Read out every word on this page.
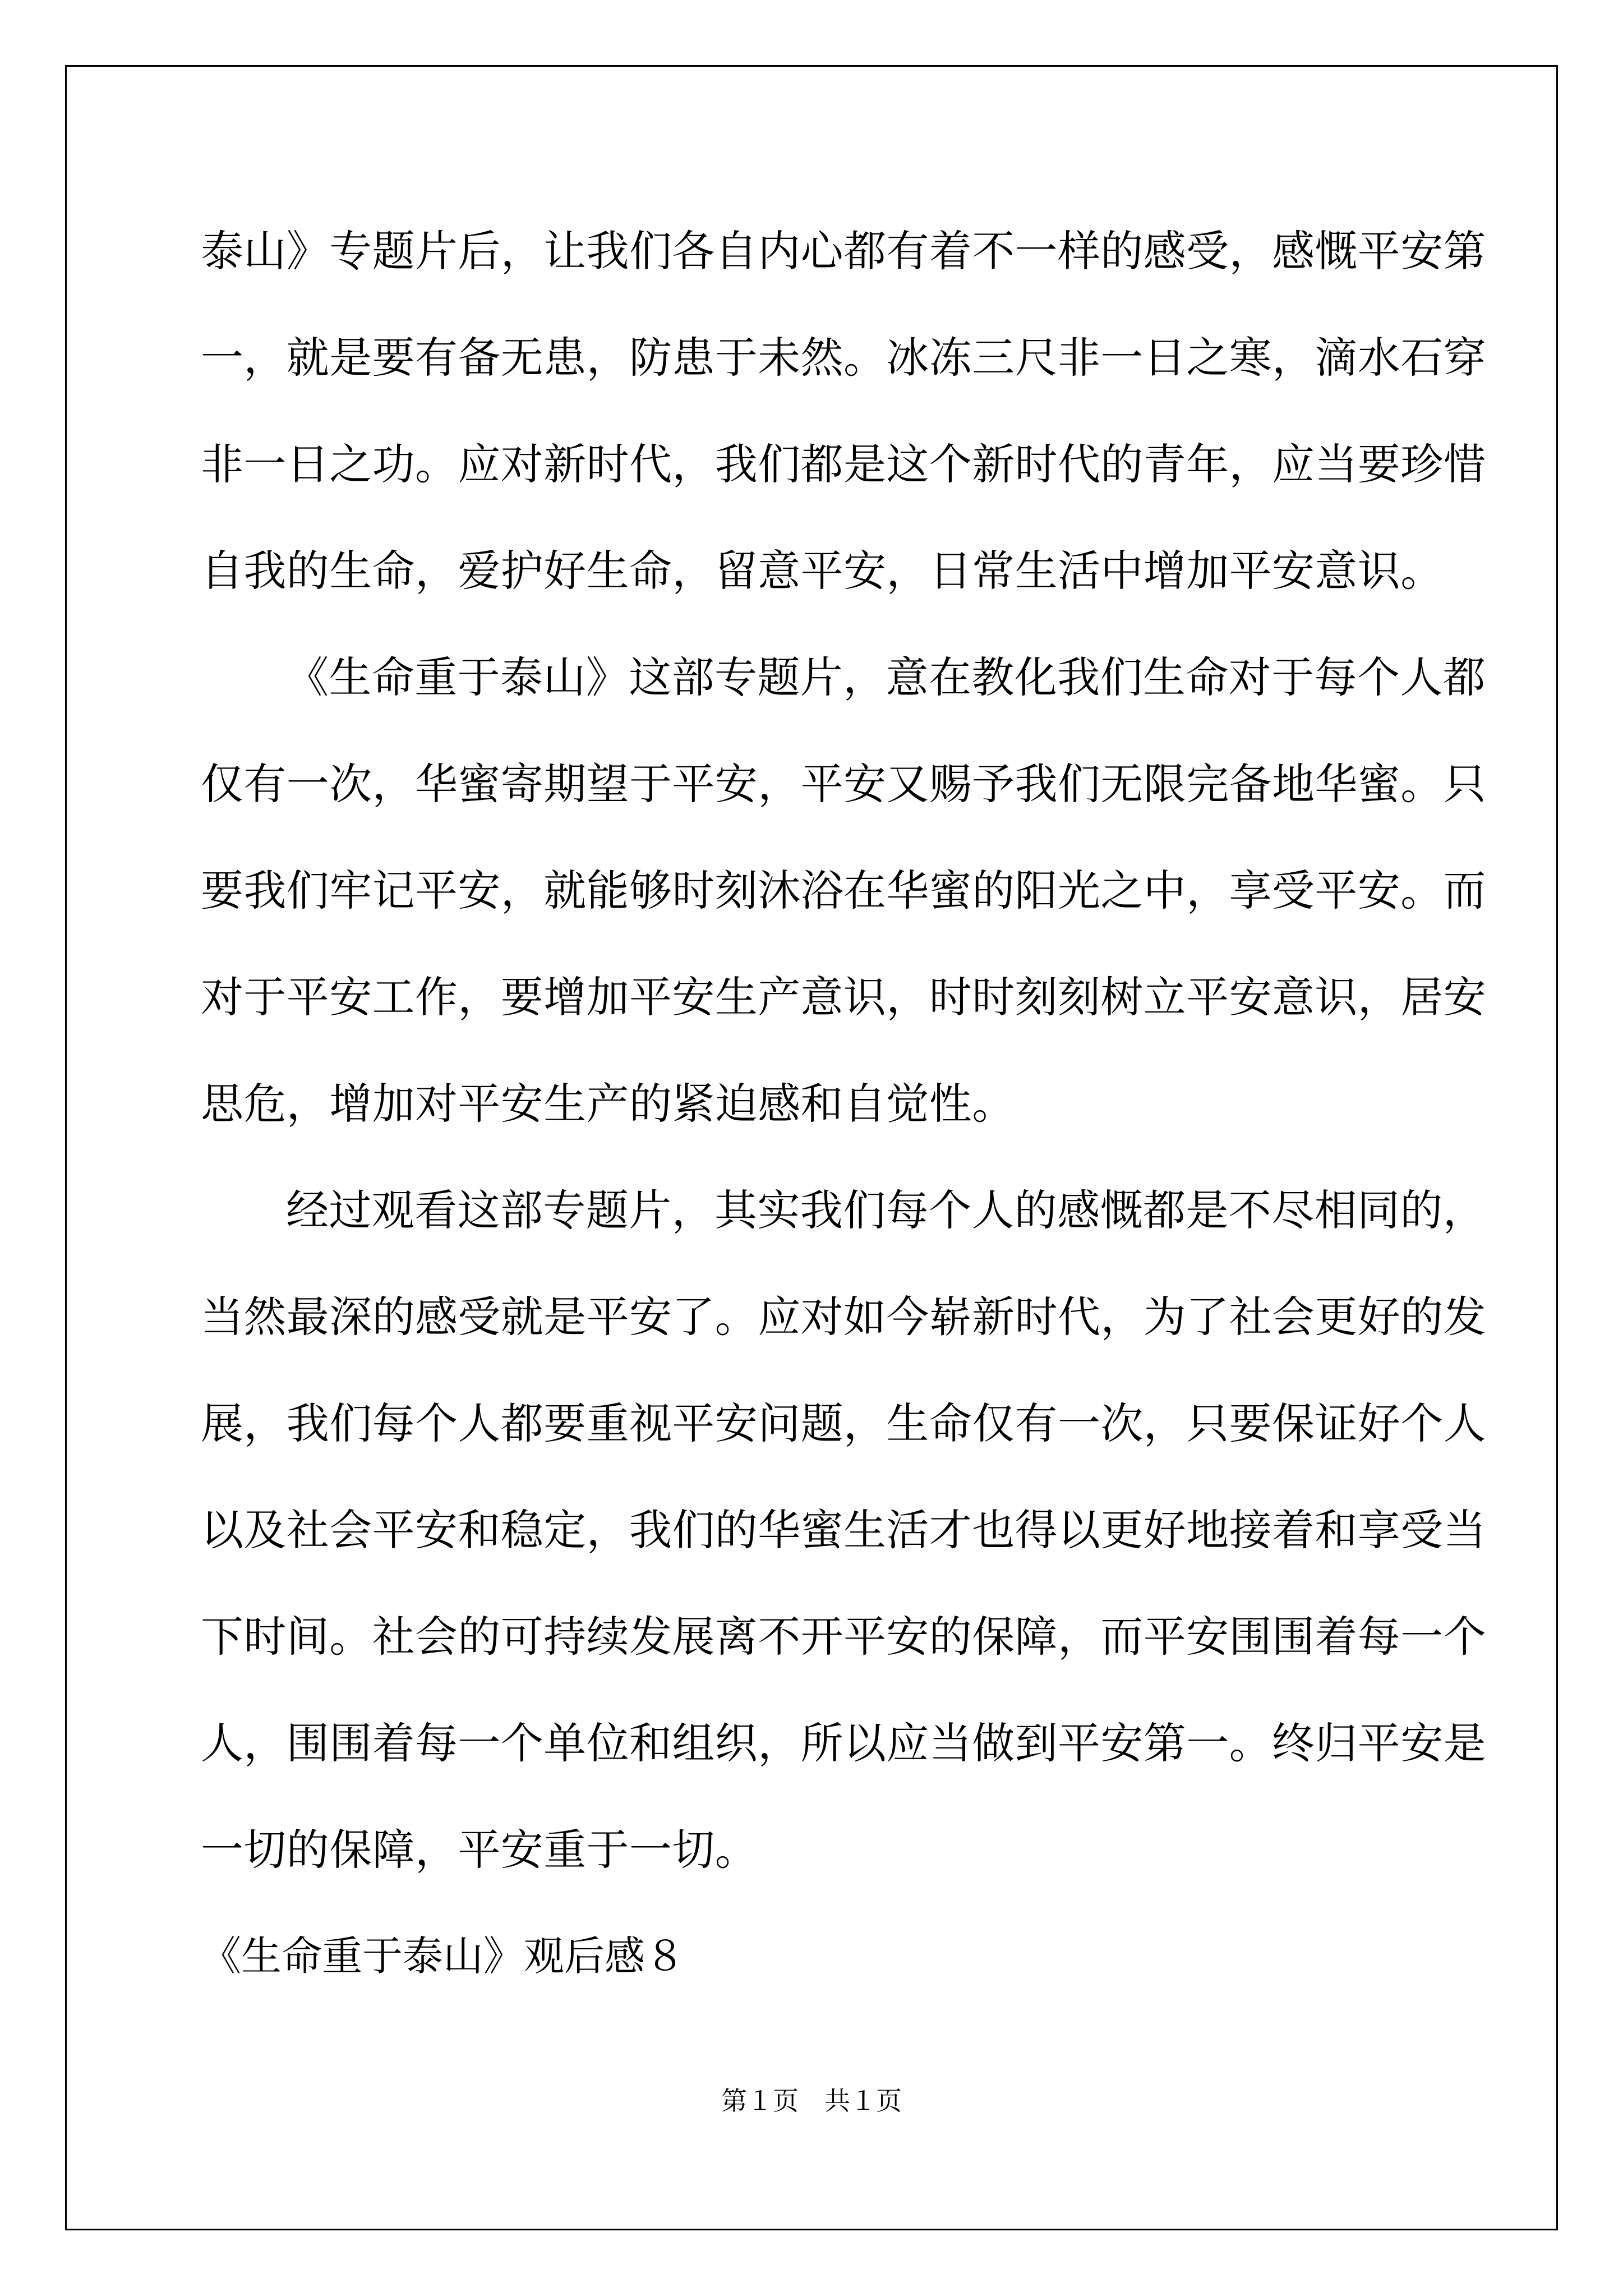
泰山》专题片后，让我们各自内心都有着不一样的感受，感慨平安第
一，就是要有备无患，防患于未然。冰冻三尺非一日之寒，滴水石穿
非一日之功。应对新时代，我们都是这个新时代的青年，应当要珍惜
自我的生命，爱护好生命，留意平安，日常生活中增加平安意识。
《生命重于泰山》这部专题片，意在教化我们生命对于每个人都
仅有一次，华蜜寄期望于平安，平安又赐予我们无限完备地华蜜。只
要我们牢记平安，就能够时刻沐浴在华蜜的阳光之中，享受平安。而
对于平安工作，要增加平安生产意识，时时刻刻树立平安意识，居安
思危，增加对平安生产的紧迫感和自觉性。
经过观看这部专题片，其实我们每个人的感慨都是不尽相同的，
当然最深的感受就是平安了。应对如今崭新时代，为了社会更好的发
展，我们每个人都要重视平安问题，生命仅有一次，只要保证好个人
以及社会平安和稳定，我们的华蜜生活才也得以更好地接着和享受当
下时间。社会的可持续发展离不开平安的保障，而平安围围着每一个
人，围围着每一个单位和组织，所以应当做到平安第一。终归平安是
一切的保障，平安重于一切。
《生命重于泰山》观后感８
第１页　共１页
